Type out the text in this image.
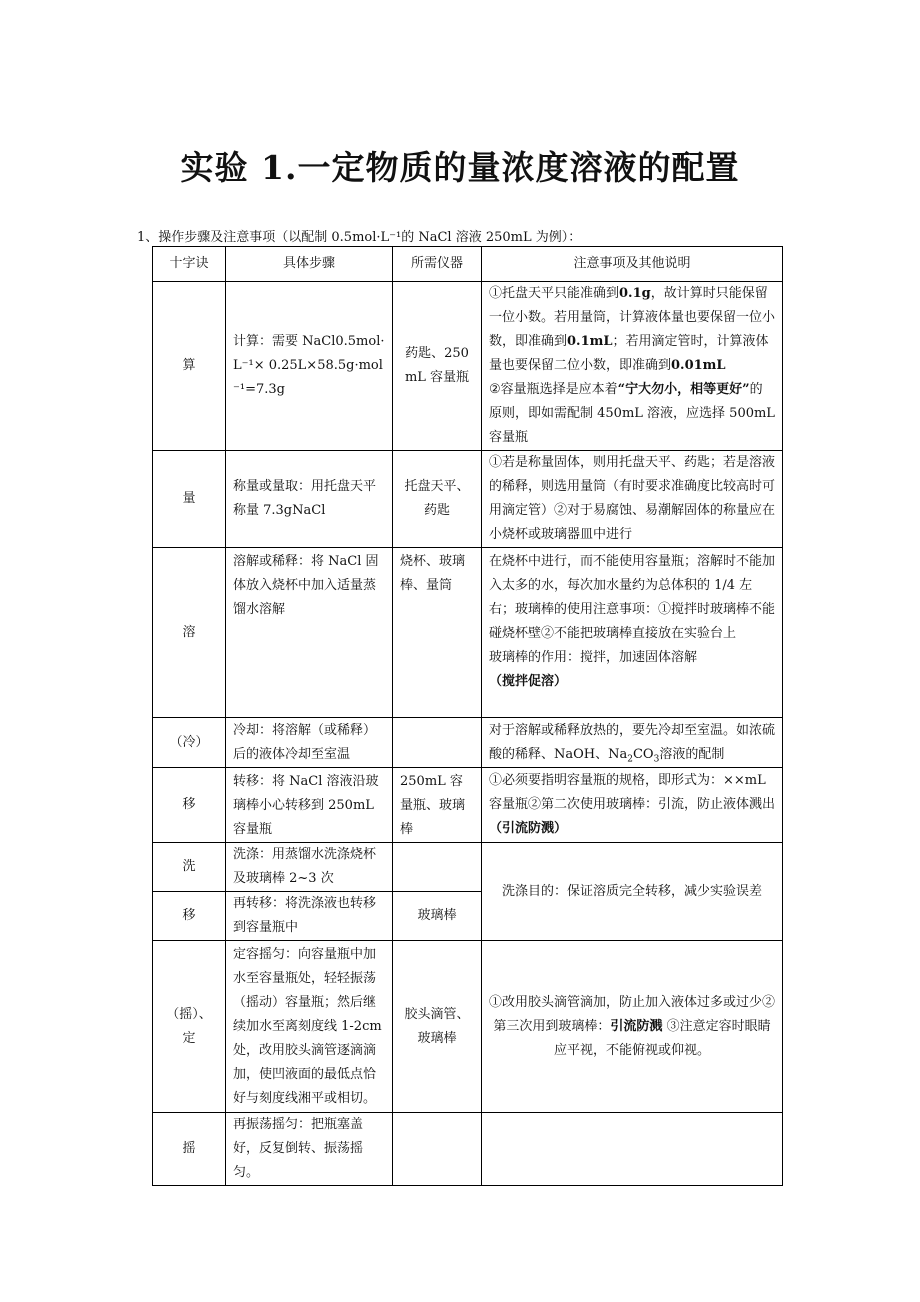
实验 1.一定物质的量浓度溶液的配置
1、操作步骤及注意事项（以配制 0.5mol·L⁻¹的 NaCl 溶液 250mL 为例）：
十字诀	具体步骤	所需仪器	注意事项及其他说明
算	计算：需要 NaCl0.5mol·L⁻¹× 0.25L×58.5g·mol⁻¹=7.3g	药匙、250mL 容量瓶	①托盘天平只能准确到0.1g，故计算时只能保留一位小数。若用量筒，计算液体量也要保留一位小数，即准确到0.1mL；若用滴定管时，计算液体量也要保留二位小数，即准确到0.01mL
②容量瓶选择是应本着“宁大勿小，相等更好”的原则，即如需配制 450mL 溶液，应选择 500mL 容量瓶
量	称量或量取：用托盘天平称量 7.3gNaCl	托盘天平、药匙	①若是称量固体，则用托盘天平、药匙；若是溶液的稀释，则选用量筒（有时要求准确度比较高时可用滴定管）②对于易腐蚀、易潮解固体的称量应在小烧杯或玻璃器皿中进行
溶	溶解或稀释：将 NaCl 固体放入烧杯中加入适量蒸馏水溶解	烧杯、玻璃棒、量筒	在烧杯中进行，而不能使用容量瓶；溶解时不能加入太多的水，每次加水量约为总体积的 1/4 左右；玻璃棒的使用注意事项：①搅拌时玻璃棒不能碰烧杯壁②不能把玻璃棒直接放在实验台上
玻璃棒的作用：搅拌，加速固体溶解
（搅拌促溶）
（冷）	冷却：将溶解（或稀释）后的液体冷却至室温		对于溶解或稀释放热的，要先冷却至室温。如浓硫酸的稀释、NaOH、$Na_2CO_3$溶液的配制
移	转移：将 NaCl 溶液沿玻璃棒小心转移到 250mL 容量瓶	250mL 容量瓶、玻璃棒	①必须要指明容量瓶的规格，即形式为：××mL 容量瓶②第二次使用玻璃棒：引流，防止液体溅出（引流防溅）
洗	洗涤：用蒸馏水洗涤烧杯及玻璃棒 2~3 次		洗涤目的：保证溶质完全转移，减少实验误差
移	再转移：将洗涤液也转移到容量瓶中	玻璃棒	
（摇）、定	定容摇匀：向容量瓶中加水至容量瓶处，轻轻振荡（摇动）容量瓶；然后继续加水至离刻度线 1-2cm 处，改用胶头滴管逐滴滴加，使凹液面的最低点恰好与刻度线湘平或相切。	胶头滴管、玻璃棒	①改用胶头滴管滴加，防止加入液体过多或过少②第三次用到玻璃棒：引流防溅 ③注意定容时眼睛应平视，不能俯视或仰视。
摇	再振荡摇匀：把瓶塞盖好，反复倒转、振荡摇匀。		
